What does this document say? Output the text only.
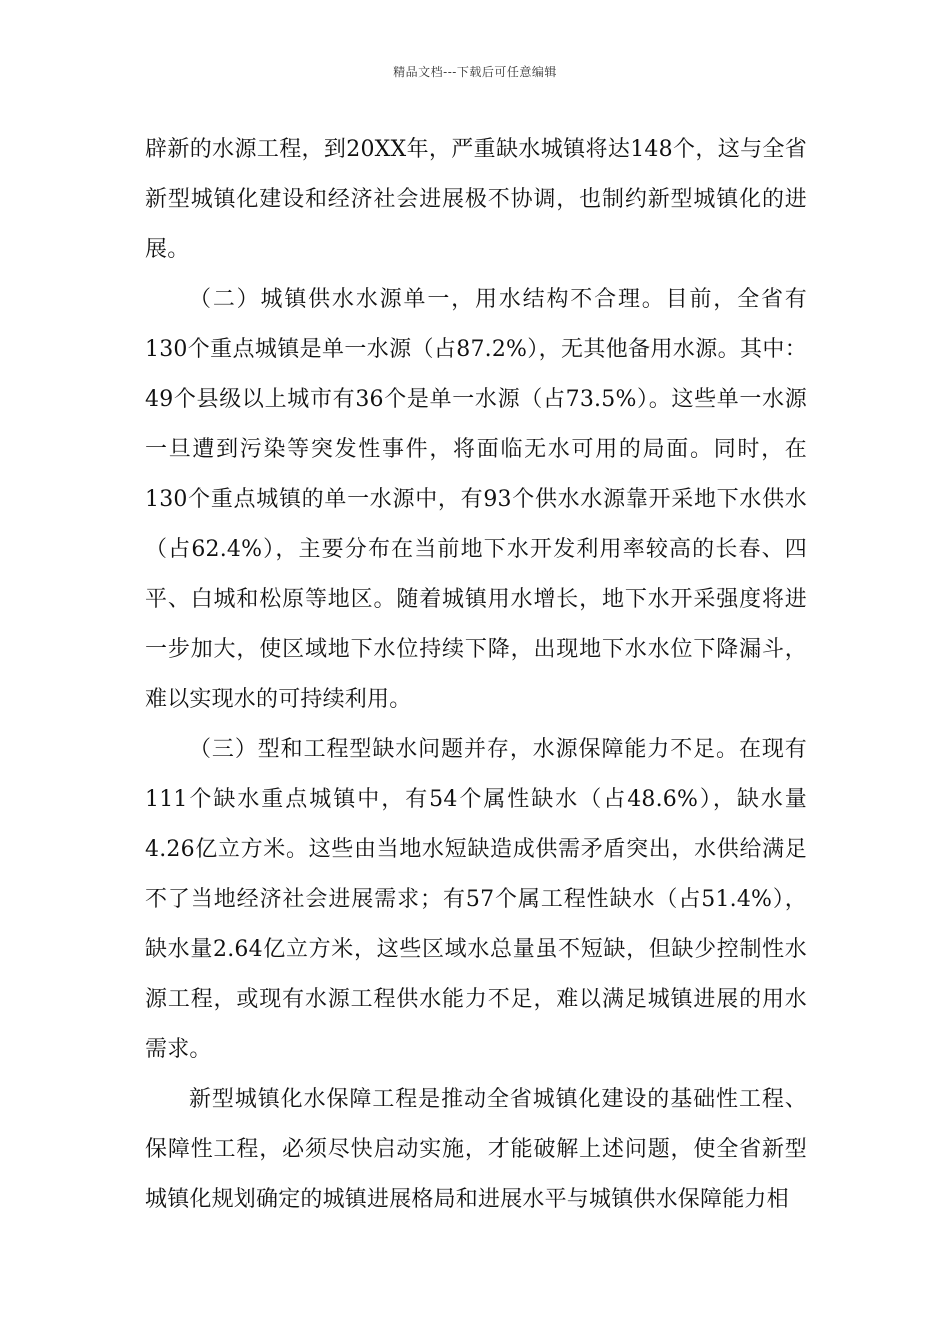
精品文档---下载后可任意编辑

辟新的水源工程，到20XX年，严重缺水城镇将达148个，这与全省新型城镇化建设和经济社会进展极不协调，也制约新型城镇化的进展。

（二）城镇供水水源单一，用水结构不合理。目前，全省有130个重点城镇是单一水源（占87.2%），无其他备用水源。其中：49个县级以上城市有36个是单一水源（占73.5%）。这些单一水源一旦遭到污染等突发性事件，将面临无水可用的局面。同时，在130个重点城镇的单一水源中，有93个供水水源靠开采地下水供水（占62.4%），主要分布在当前地下水开发利用率较高的长春、四平、白城和松原等地区。随着城镇用水增长，地下水开采强度将进一步加大，使区域地下水位持续下降，出现地下水水位下降漏斗，难以实现水的可持续利用。

（三）型和工程型缺水问题并存，水源保障能力不足。在现有111个缺水重点城镇中，有54个属性缺水（占48.6%），缺水量4.26亿立方米。这些由当地水短缺造成供需矛盾突出，水供给满足不了当地经济社会进展需求；有57个属工程性缺水（占51.4%），缺水量2.64亿立方米，这些区域水总量虽不短缺，但缺少控制性水源工程，或现有水源工程供水能力不足，难以满足城镇进展的用水需求。

新型城镇化水保障工程是推动全省城镇化建设的基础性工程、保障性工程，必须尽快启动实施，才能破解上述问题，使全省新型城镇化规划确定的城镇进展格局和进展水平与城镇供水保障能力相
